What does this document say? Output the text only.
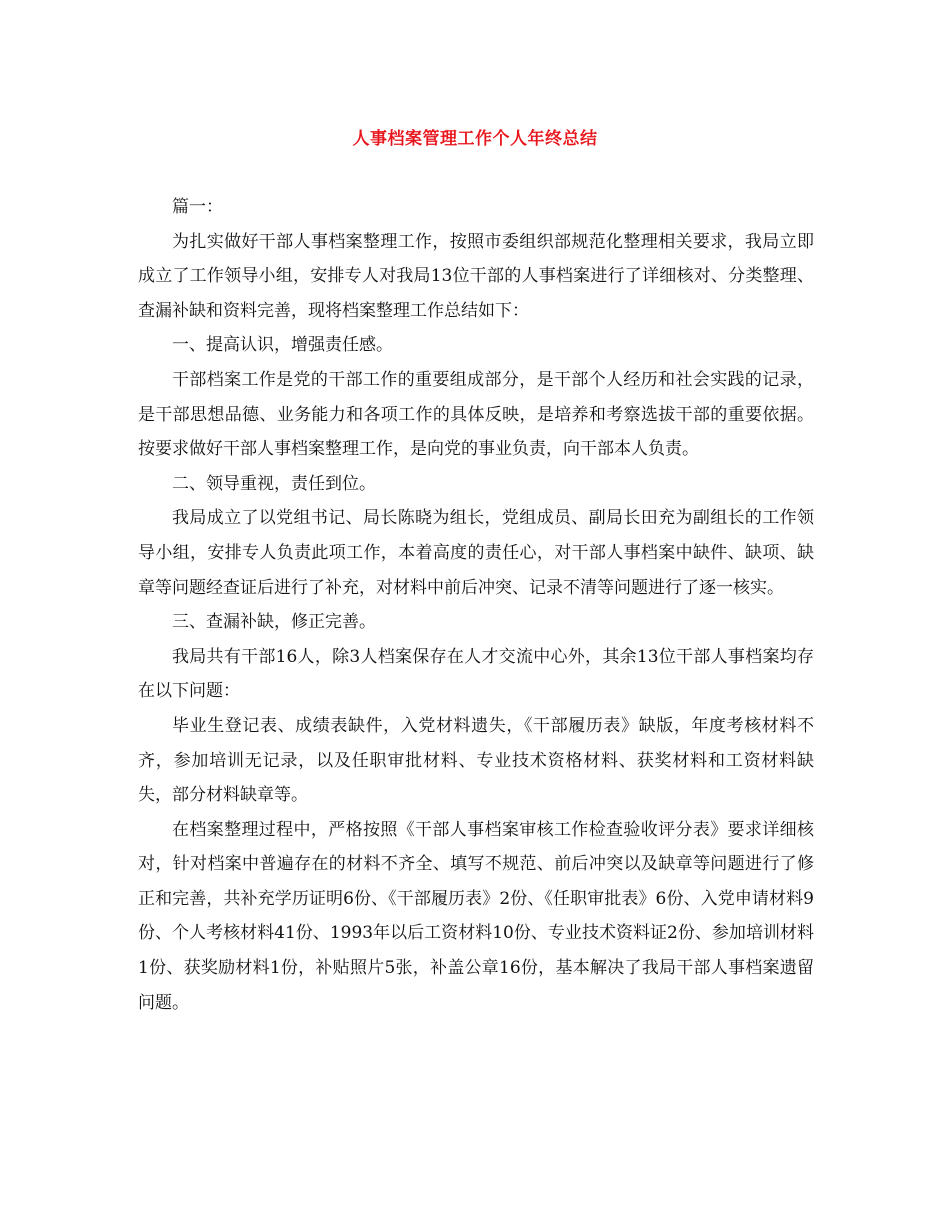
人事档案管理工作个人年终总结

篇一：

为扎实做好干部人事档案整理工作，按照市委组织部规范化整理相关要求，我局立即成立了工作领导小组，安排专人对我局13位干部的人事档案进行了详细核对、分类整理、查漏补缺和资料完善，现将档案整理工作总结如下：

一、提高认识，增强责任感。

干部档案工作是党的干部工作的重要组成部分，是干部个人经历和社会实践的记录，是干部思想品德、业务能力和各项工作的具体反映，是培养和考察选拔干部的重要依据。按要求做好干部人事档案整理工作，是向党的事业负责，向干部本人负责。

二、领导重视，责任到位。

我局成立了以党组书记、局长陈晓为组长，党组成员、副局长田充为副组长的工作领导小组，安排专人负责此项工作，本着高度的责任心，对干部人事档案中缺件、缺项、缺章等问题经查证后进行了补充，对材料中前后冲突、记录不清等问题进行了逐一核实。

三、查漏补缺，修正完善。

我局共有干部16人，除3人档案保存在人才交流中心外，其余13位干部人事档案均存在以下问题：

毕业生登记表、成绩表缺件，入党材料遗失，《干部履历表》缺版，年度考核材料不齐，参加培训无记录，以及任职审批材料、专业技术资格材料、获奖材料和工资材料缺失，部分材料缺章等。

在档案整理过程中，严格按照《干部人事档案审核工作检查验收评分表》要求详细核对，针对档案中普遍存在的材料不齐全、填写不规范、前后冲突以及缺章等问题进行了修正和完善，共补充学历证明6份、《干部履历表》2份、《任职审批表》6份、入党申请材料9份、个人考核材料41份、1993年以后工资材料10份、专业技术资料证2份、参加培训材料1份、获奖励材料1份，补贴照片5张，补盖公章16份，基本解决了我局干部人事档案遗留问题。
